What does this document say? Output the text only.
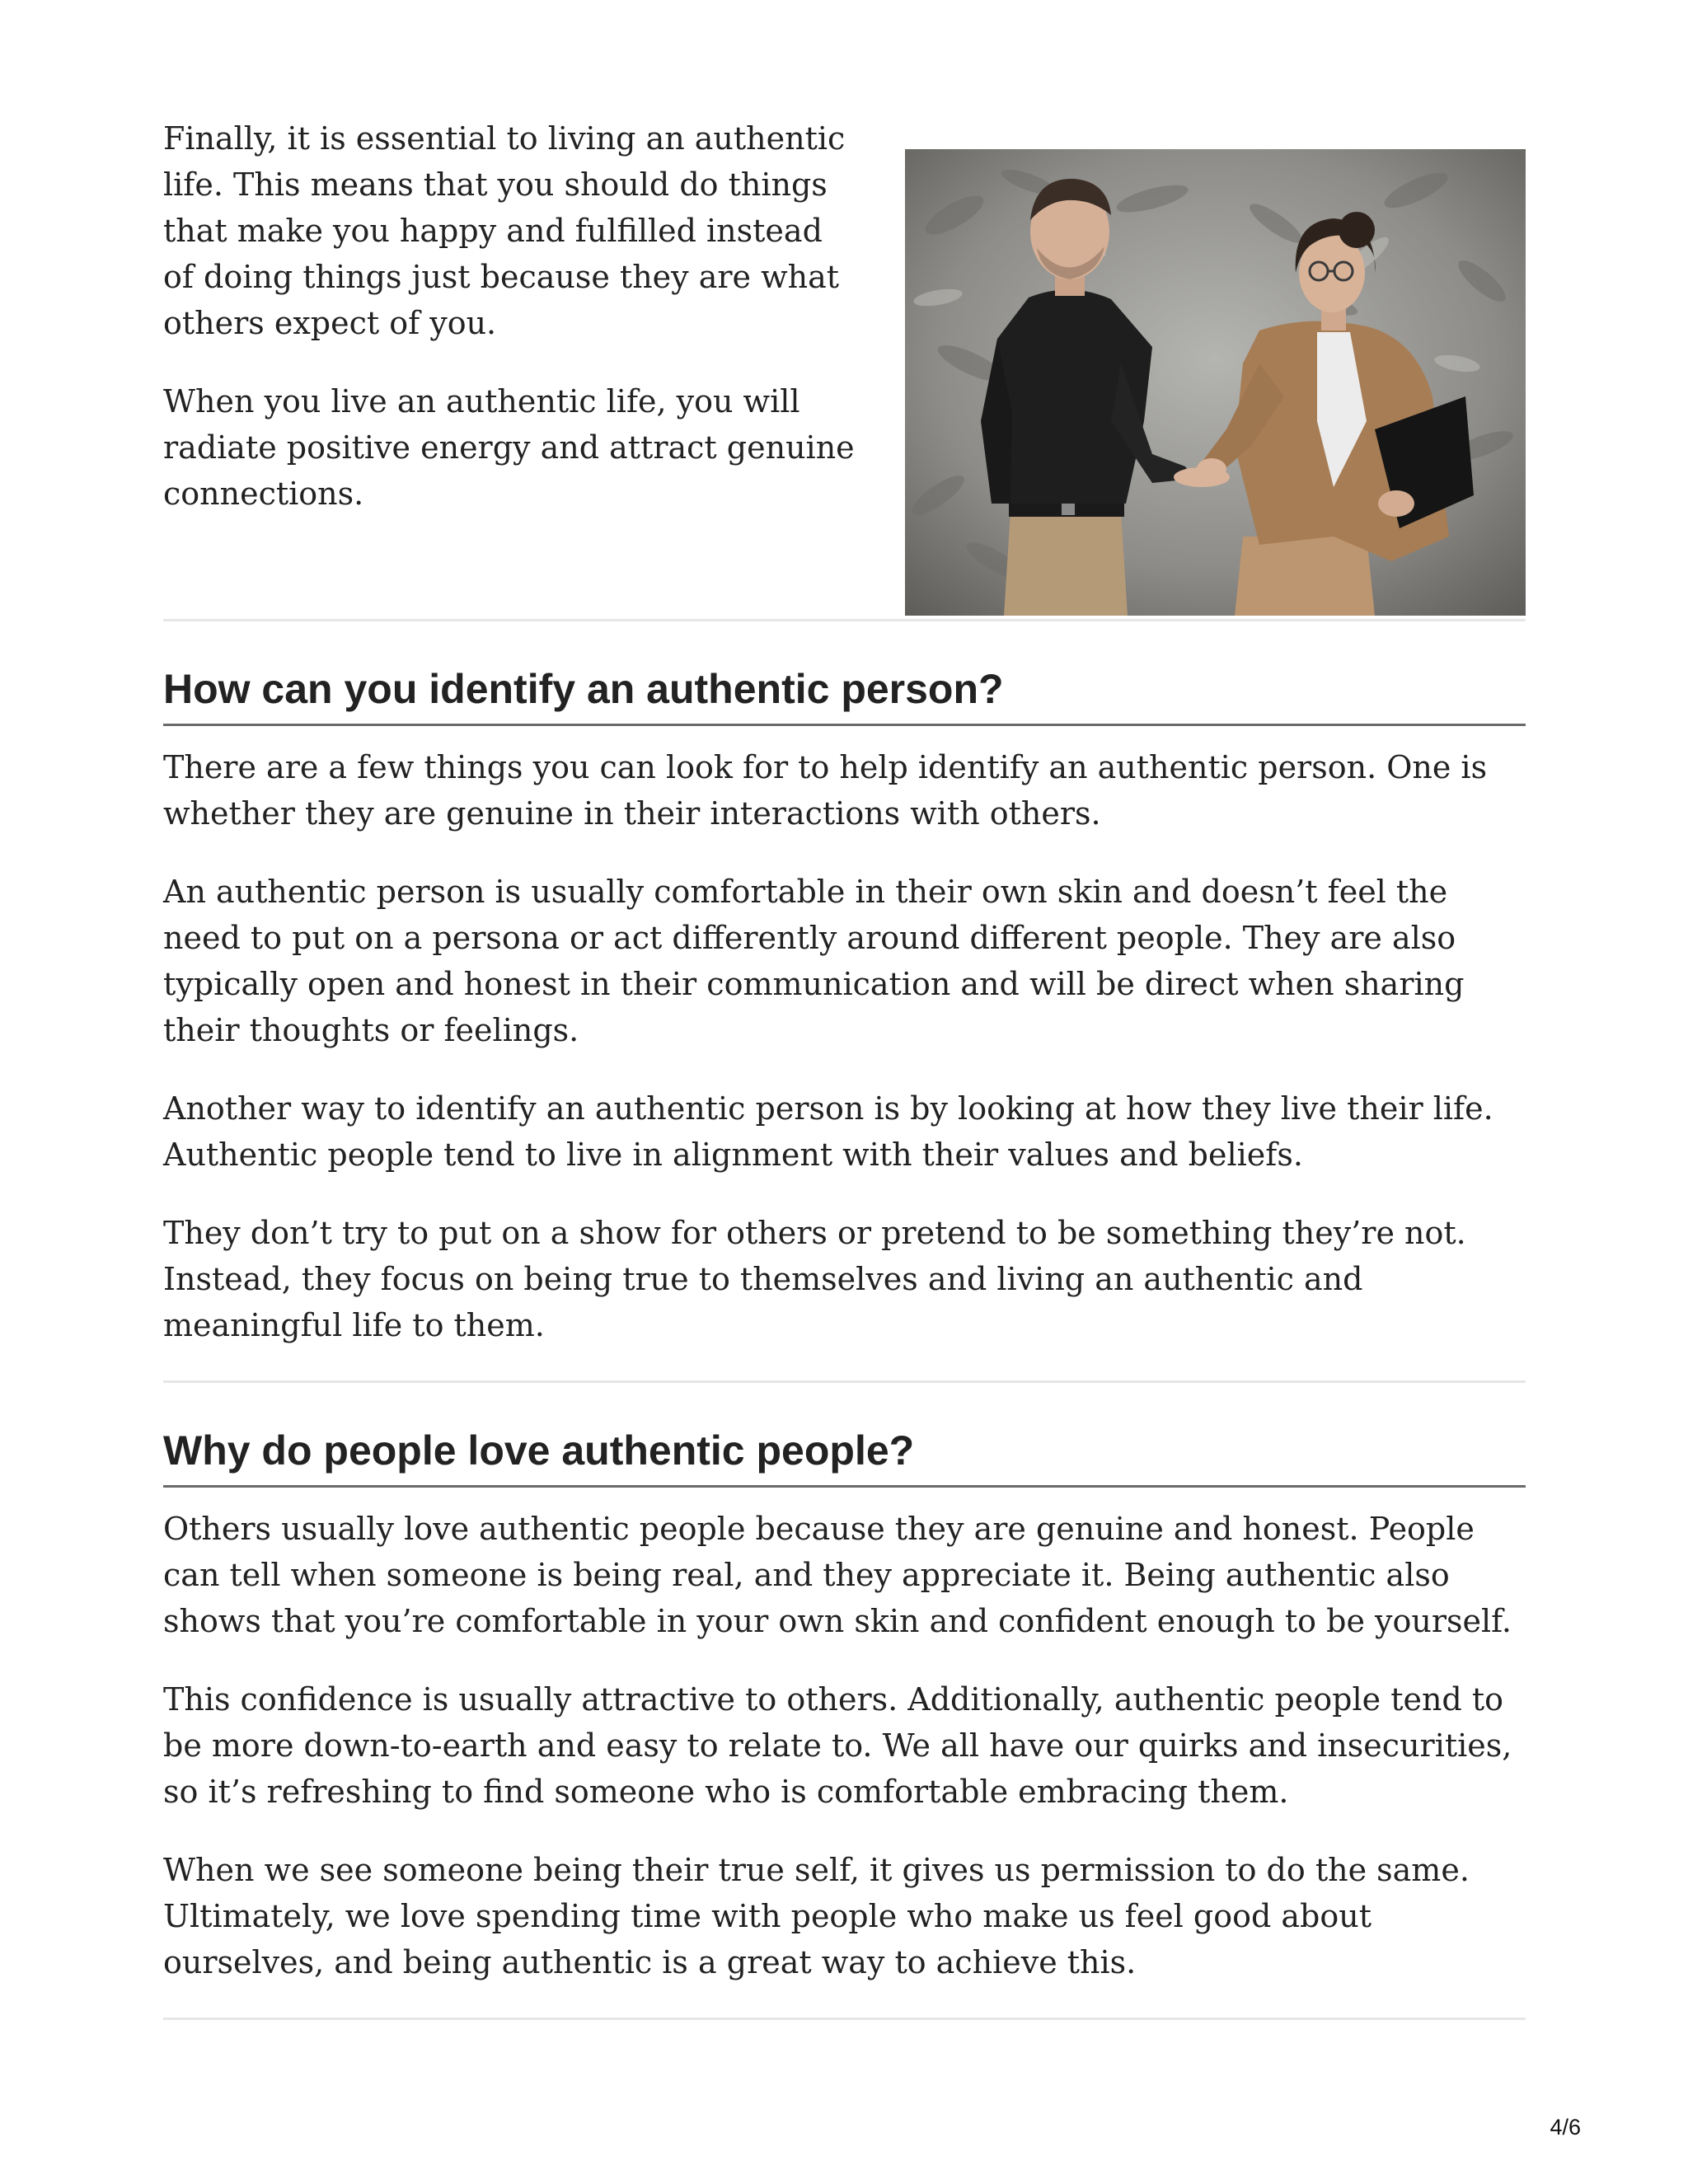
Finally, it is essential to living an authentic life. This means that you should do things that make you happy and fulfilled instead of doing things just because they are what others expect of you.

When you live an authentic life, you will radiate positive energy and attract genuine connections.

How can you identify an authentic person?

There are a few things you can look for to help identify an authentic person. One is whether they are genuine in their interactions with others.

An authentic person is usually comfortable in their own skin and doesn’t feel the need to put on a persona or act differently around different people. They are also typically open and honest in their communication and will be direct when sharing their thoughts or feelings.

Another way to identify an authentic person is by looking at how they live their life. Authentic people tend to live in alignment with their values and beliefs.

They don’t try to put on a show for others or pretend to be something they’re not. Instead, they focus on being true to themselves and living an authentic and meaningful life to them.

Why do people love authentic people?

Others usually love authentic people because they are genuine and honest. People can tell when someone is being real, and they appreciate it. Being authentic also shows that you’re comfortable in your own skin and confident enough to be yourself.

This confidence is usually attractive to others. Additionally, authentic people tend to be more down-to-earth and easy to relate to. We all have our quirks and insecurities, so it’s refreshing to find someone who is comfortable embracing them.

When we see someone being their true self, it gives us permission to do the same. Ultimately, we love spending time with people who make us feel good about ourselves, and being authentic is a great way to achieve this.

4/6
